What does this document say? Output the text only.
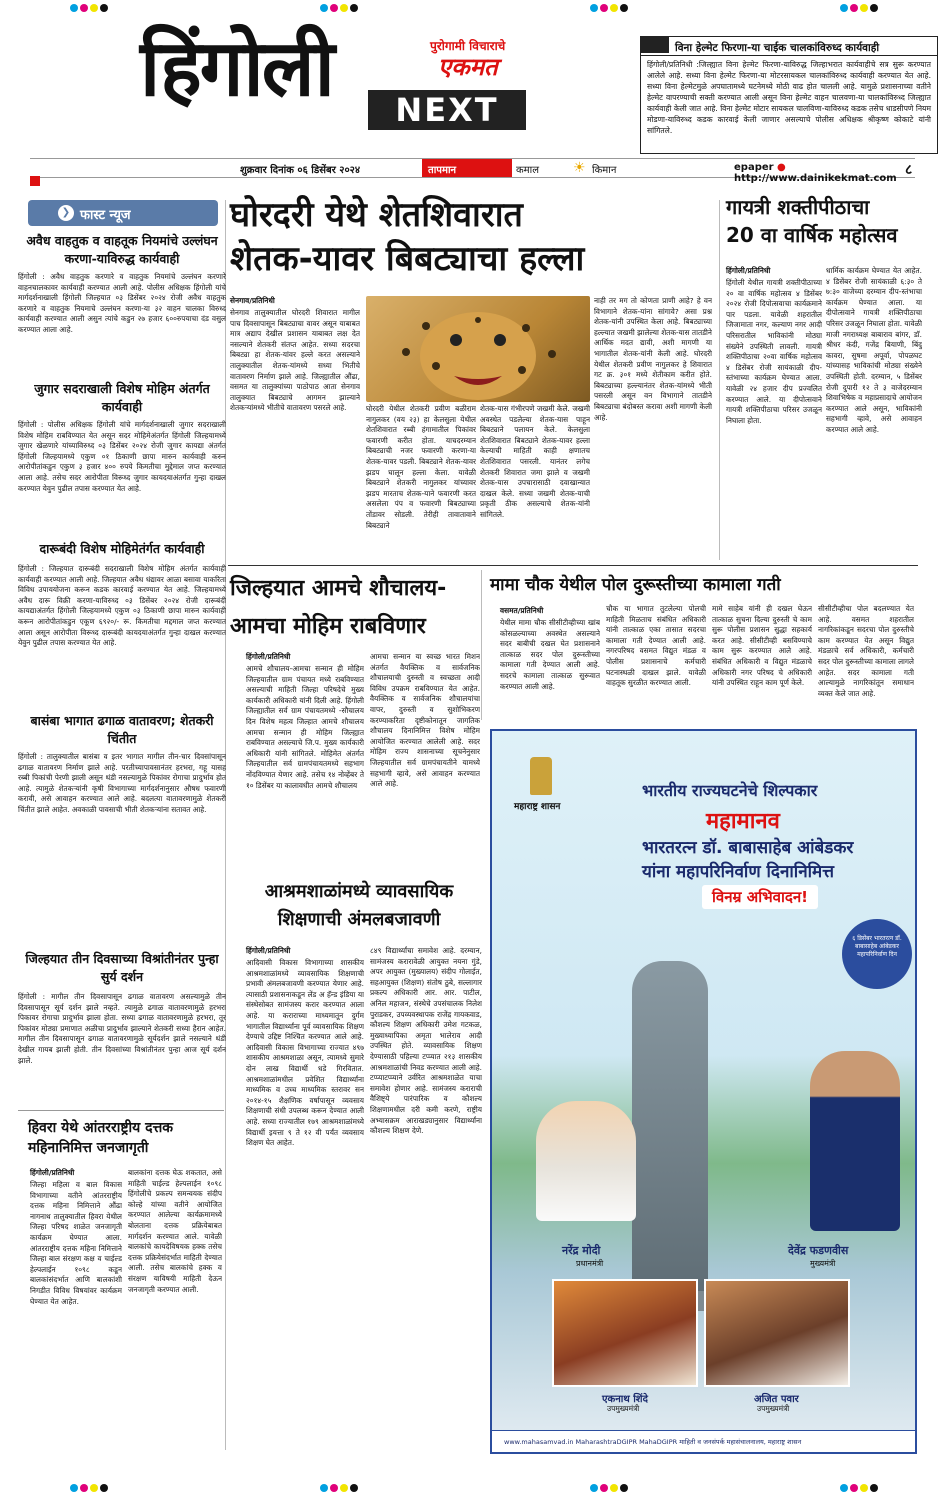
हिंगोली	पुरोगामी विचाराचे
एकमत
NEXT
विना हेल्मेट फिरणा-या चाईक चालकांविरुध्द कार्यवाही

हिंगोली/प्रतिनिधी :जिल्ह्यात विना हेल्मेट फिरणा-याविरुद्ध जिल्हाभरात कार्यवाहीचे सत्र सुरू करण्यात आलेले आहे. सध्या विना हेल्मेट फिरणा-या मोटरसायकल चालकांविरुध्द कार्यवाही करण्यात येत आहे. सध्या विना हेल्मेटमुळे अपघातामध्ये घटनेमध्ये मोठी वाढ होत चालली आहे. यामुळे प्रशासनाच्या वतीने हेल्मेट वापरण्याची सक्ती करण्यात आली असून विना हेल्मेट वाहन चालवणा-या चालकांविरुध्द जिल्ह्यात कार्यवाही केली जात आहे. विना हेल्मेट मोटार सायकल चालविणा-याविरुध्द कडक तसेच धाडसीपणे नियम मोडणा-याविरुध्द कडक कारवाई केली जाणार असल्याचे पोलीस अधिक्षक श्रीकृष्ण कोकाटे यांनी सांगितले.

शुक्रवार दिनांक ०६ डिसेंबर २०२४	तापमान	कमाल ☀ किमान	epaper ● http://www.dainikekmat.com
८
❯ फास्ट न्यूज
अवैध वाहतुक व वाहतूक नियमांचे उल्लंघन करणा-याविरुद्ध कार्यवाही
हिंगोली : अवैध वाहतुक करणारे व वाहतुक नियमांचे उल्लंघन करणारे वाहनचालकावर कार्यवाही करण्यात आली आहे. पोलीस अधिक्षक हिंगोली यांचे मार्गदर्शनाखाली हिंगोली जिल्हयात ०३ डिसेंबर २०२४ रोजी अवैध वाहतुक करणारे व वाहतुक नियमाचे उल्लंघन करणा-या ३२ वाहन चालका विरुध्द कार्यवाही करण्यात आली असुन त्यांचे कडुन २७ हजार ६००रुपयाचा दंड वसुल करण्यात आला आहे.
जुगार सदराखाली विशेष मोहिम अंतर्गत कार्यवाही
हिंगोली : पोलीस अधिक्षक हिंगोली यांचे मार्गदर्शनाखाली जुगार सदराखाली विशेष मोहिम राबविण्यात येत असून सदर मोहिमेअंतर्गत हिंगोली जिल्हयामध्ये जुगार खेळणारे यांच्याविरुध्द ०३ डिसेंबर २०२४ रोजी जुगार कायद्या अंतर्गत हिंगोली जिल्हयामध्ये एकुण ०१ ठिकाणी छापा मारुन कार्यवाही करुन आरोपीतांकडुन एकुण ३ हजार ४०० रुपये किमतीचा मुद्देमाल जप्त करण्यात आला आहे. तसेच सदर आरोपीता विरूध्द जुगार कायदयाअंतर्गत गुन्हा दाखल करण्यात येवुन पुढील तपास करण्यात येत आहे.
दारूबंदी विशेष मोहिमेतंर्गत कार्यवाही
हिंगोली : जिल्हयात दारूबंदी सदराखाली विशेष मोहिम अंतर्गत कार्यवाही कार्यवाही करण्यात आली आहे. जिल्हयात अवैध धंद्यावर आळा बसावा याकरिता विविध उपाययोजना करून कडक कारवाई करण्यात येत आहे. जिल्हयामध्ये अवैध दारू विक्री करणा-याविरुध्द ०३ डिसेंबर २०२४ रोजी दारूबंदी कायद्याअंतर्गत हिंगोली जिल्हयामध्ये एकुण ०३ ठिकाणी छापा मारुन कार्यवाही करून आरोपीतांकडुन एकूण ६९२०/- रू. किमतीचा मद्दमाल जप्त करण्यात आला असून आरोपीता विरूध्द दारूबंदी कायदयाअंतर्गत गुन्हा दाखल करण्यात येवुन पुढील तपास करण्यात येत आहे.
बासंबा भागात ढगाळ वातावरण; शेतकरी चिंतीत
हिंगोली : तालुक्यातील बासंबा व इतर भागात मागील तीन-चार दिवसांपासून ढगाळ वातावरण निर्माण झाले आहे. परतीच्यापावसानंतर हरभरा, गहू यासह रब्बी पिकांची पेरणी झाली असून थंडी नसल्यामुळे पिकांवर रोगाचा प्रादुर्भाव होत आहे. त्यामुळे शेतकऱ्यांनी कृषी विभागाच्या मार्गदर्शनानुसार औषध फवारणी करावी, असे आवाहन करण्यात आले आहे. बदलत्या वातावरणामुळे शेतकरी चिंतीत झाले आहेत. अवकाळी पावसाची भीती शेतकऱ्यांना सतावत आहे.
जिल्हयात तीन दिवसाच्या विश्रांतीनंतर पुन्हा सुर्य दर्शन
हिंगोली : मागील तीन दिवसापासून ढगाळ वातावरण असल्यामुळे तीन दिवसापासून सूर्य दर्शन झाले नव्हते. त्यामुळे ढगाळ वातावरणामुळे हरभरा पिकावर रोगाचा प्रादुर्भाव झाला होता. सध्या ढगाळ वातावरणामुळे हरभरा, तूर पिकांवर मोठ्या प्रमाणात अळीचा प्रादुर्भाव झाल्याने शेतकरी सध्या हैरान आहेत. मागील तीन दिवसापासून ढगाळ वातावरणामुळे सूर्यदर्शन झाले नसल्याने थंडी देखील गायब झाली होती. तीन दिवसांच्या विश्रांतीनंतर पुन्हा आज सूर्य दर्शन झाले.
घोरदरी येथे शेतशिवारात
शेतक-यावर बिबट्याचा हल्ला
सेनगाव/प्रतिनिधी
सेनगाव तालुक्यातील घोरदरी शिवारात मागील पाच दिवसापासून बिबट्याचा वावर असून याबाबत मात्र अद्याप देखील प्रशासन याबाबत लक्ष देत नसल्याने शेतकरी संतप्त आहेत. सध्या सदरचा बिबट्या हा शेतक-यांवर हल्ले करत असल्याने तालुक्यातील शेतक-यांमध्ये सध्या भितीचे वातावरण निर्माण झाले आहे. जिल्ह्यातील औंढा, वसमत या तालुक्यांच्या पाठोपाठ आता सेनगाव तालुक्यात बिबट्याचे आगमन झाल्याने शेतकऱ्यांमध्ये भीतीचे वातावरण पसरले आहे.	घोरदरी येथील शेतकरी प्रवीण बळीराम नागुलकर (वय २३) हा केलसुला येथील शेतशिवारात रब्बी हंगामातील पिकांवर फवारणी करीत होता. याचदरम्यान बिबट्याची नजर फवारणी करणा-या शेतक-यावर पडली. बिबट्याने शेतक-यावर झडप घालून हल्ला केला. यावेळी बिबट्याने शेतकरी नागुलकर यांच्यावर झडप मारताच शेतक-याने फवारणी करत असलेला पंप व फवारणी बिबट्याच्या तोंडावर सोडली. तेरीही तावातावाने बिबट्याने
शेतक-यास गंभीरपणे जखमी केले. जखमी अवस्थेत पडलेल्या शेतक-यास पाहून बिबट्याने पलायन केले. केलसुला शेतशिवारात बिबट्याने शेतक-यावर हल्ला केल्याची माहिती काही क्षणातच शेतशिवारात पसरली. यानंतर लगेच शेतकरी शिवारात जमा झाले व जखमी शेतक-यास उपचारासाठी दवाखान्यात दाखल केले. सध्या जखमी शेतक-याची प्रकृती ठीक असल्याचे शेतक-यांनी सांगितले.
नाही तर मग तो कोणता प्राणी आहे? हे वन विभागाने शेतक-यांना सांगावे? असा प्रश्न शेतक-यांनी उपस्थित केला आहे. बिबट्याच्या हल्ल्यात जखमी झालेल्या शेतक-यास तातडीने आर्थिक मदत द्यावी, अशी मागणी या भागातील शेतक-यांनी केली आहे. घोरदरी येथील शेतकरी प्रवीण नागुलकर हे शिवारात गट क्र. ३०१ मध्ये शेतीकाम करीत होते. बिबट्याच्या हल्ल्यानंतर शेतक-यांमध्ये भीती पसरली असून वन विभागाने तातडीने बिबट्याचा बंदोबस्त करावा अशी मागणी केली आहे.
गायत्री शक्तीपीठाचा
20 वा वार्षिक महोत्सव
हिंगोली/प्रतिनिधी
हिंगोली येथील गायत्री शक्तीपीठाच्या २० वा वार्षिक महोत्सव ४ डिसेंबर २०२४ रोजी दिपोत्सवाचा कार्यक्रमाने पार पडला. यावेळी शहरातील जिजामाता नगर, कल्याण नगर आदी परिसरातील भाविकांनी मोठ्या संख्येने उपस्थिती लावली. गायत्री शक्तिपीठाचा २०वा वार्षिक महोत्सव ४ डिसेंबर रोजी सायंकाळी दीप-स्तंभाच्या कार्यक्रम घेण्यात आला. यावेळी २४ हजार दीप प्रज्वलित करण्यात आले. या दीपोत्सवाने गायत्री शक्तिपीठाचा परिसर उजळून निघाला होता.
धार्मिक कार्यक्रम घेण्यात येत आहेत. ४ डिसेंबर रोजी सायंकाळी ६:३० ते ७:३० वाजेच्या दरम्यान दीप-स्तंभाचा कार्यक्रम घेण्यात आला. या दीपोत्सवाने गायत्री शक्तिपीठाचा परिसर उजळून निघाला होता. यावेळी माजी नगराध्यक्ष बाबाराव बांगर, डॉ. श्रीधर कंदी, गजेंद्र बियाणी, बिंदु कावरा, सुषमा अपूर्वा, पोपळघट यांच्यासह भाविकांची मोठ्या संख्येने उपस्थिती होती. दरम्यान, ५ डिसेंबर रोजी दुपारी १२ ते ३ वाजेदरम्यान शिवाभिषेक व महाप्रसादाचे आयोजन करण्यात आले असून, भाविकांनी सहभागी व्हावे, असे आवाहन करण्यात आले आहे.
जिल्हयात आमचे शौचालय-
आमचा मोहिम राबविणार
हिंगोली/प्रतिनिधी
आमचे शौचालय-आमचा सन्मान ही मोहिम जिल्हयातील ग्राम पंचायत मध्ये राबविण्यात असल्याची माहिती जिल्हा परिषदेचे मुख्य कार्यकारी अधिकारी यांनी दिली आहे. हिंगोली जिल्ह्यातील सर्व ग्राम पंचायतमध्ये -सौचालय दिन विशेष महत्व जिल्हात आमचे शौचालय आमचा सन्मान ही मोहिम जिल्ह्यात राबविण्यात असल्याचे जि.प. मुख्य कार्यकारी अधिकारी यांनी सांगितले. मोहिमेत अंतर्गत जिल्हयातील सर्व ग्रामपंचायतमध्ये सहभाग नोंदविण्यात येणार आहे. तसेच १४ नोव्हेंबर ते १० डिसेंबर या कालावधीत आमचे शौचालय
आमचा सन्मान या स्वच्छ भारत मिशन अंतर्गत वैयक्तिक व सार्वजनिक शौचालयाची दुरुस्ती व स्वच्छता आदी विविध उपक्रम राबविण्यात येत आहेत. वैयक्तिक व सार्वजनिक शौचालयांचा वापर, दुरुस्ती व सुशोभिकरण करण्याकरिता दृष्टीकोनातून जागतिक शौचालय दिनानिमित्त विशेष मोहिम आयोजित करण्यात आलेली आहे. सदर मोहिम राज्य शासनाच्या सूचनेनुसार जिल्हयातील सर्व ग्रामपंचायतीने यामध्ये सहभागी व्हावे, असे आवाहन करण्यात आले आहे.
मामा चौक येथील पोल दुरूस्तीच्या कामाला गती
वसमत/प्रतिनिधी
येथील मामा चौक सीसीटीव्हीच्या खांब कोसळल्याच्या अवस्थेत असल्याने सदर बाबीची दखल घेत प्रशासनाने तात्काळ सदर पोल दुरूस्तीच्या कामाला गती देण्यात आली आहे. सदरचे कामाला तात्काळ सुरूवात करण्यात आली आहे.
चौक या भागात तुटलेल्या पोलची माहिती मिळताच संबंधित अधिकारी यांनी तात्काळ एका तासात सदरचा कामाला गती देण्यात आली आहे. नगरपरिषद वसमत विद्युत मंडळ व पोलीस प्रशासनाचे कर्मचारी घटनास्थळी दाखल झाले. यावेळी वाहतूक सुरळीत करण्यात आली.
मामे साहेब यांनी ही दखल घेऊन तात्काळ सुचना दिल्या दुरुस्ती चे काम सुरू पोलीस प्रशासन सुद्धा सहकार्य करत आहे. सीसीटीव्ही बसविण्याचे काम सुरू करण्यात आले आहे. संबंधित अधिकारी व विद्युत मंडळाचे अधिकारी नगर परिषद चे अधिकारी यांनी उपस्थित राहून काम पूर्ण केले.
सीसीटीव्हीचा पोल बदलण्यात येत आहे. वसमत शहरातील नागरिकांकडून सदरचा पोल दुरुस्तीचे काम करण्यात येत असून विद्युत मंडळाचे सर्व अधिकारी, कर्मचारी सदर पोल दुरूस्तीच्या कामाला लागले आहेत. सदर कामाला गती आल्यामुळे नागरिकांतून समाधान व्यक्त केले जात आहे.
आश्रमशाळांमध्ये व्यावसायिक
शिक्षणाची अंमलबजावणी
हिंगोली/प्रतिनिधी
आदिवासी विकास विभागाच्या शासकीय आश्रमशाळांमध्ये व्यावसायिक शिक्षणाची प्रभावी अंमलबजावणी करण्यात येणार आहे. त्यासाठी प्रशासनाकडून लेंड अ हॅन्ड इंडिया या संस्थेसोबत सामंजस्य करार करण्यात आला आहे. या कराराच्या माध्यमातून दुर्गम भागातील विद्यार्थ्यांना पूर्व व्यावसायिक शिक्षण देण्याचे उद्दिष्ट निश्चित करण्यात आले आहे. आदिवासी विकास विभागाच्या राज्यात ४९७ शासकीय आश्रमशाळा असून, त्यामध्ये सुमारे दोन लाख विद्यार्थी धडे गिरवितात. आश्रमशाळांमधील प्रवेशित विद्यार्थ्यांना माध्यमिक व उच्च माध्यमिक स्तरावर सन २०१४-१५ शैक्षणिक वर्षापासून व्यवसाय शिक्षणाची संधी उपलब्ध करून देण्यात आली आहे. सध्या राज्यातील १७९ आश्रमशाळांमध्ये विद्यार्थी इयत्ता ९ ते १२ वी पर्यंत व्यवसाय शिक्षण घेत आहेत.
८४९ विद्यार्थ्यांचा समावेश आहे. दरम्यान, सामंजस्य करारावेळी आयुक्त नयना गुंडे, अपर आयुक्त (मुख्यालय) संदीप गोलाईत, सहआयुक्त (शिक्षण) संतोष ठुबे, सल्लागार प्रकल्प अधिकारी आर. आर. पाटील, अनिल महाजन, संस्थेचे उपसंचालक निलेश पुराडकर, उपव्यवस्थापक राजेंद्र गायकवाड, कौशल्य शिक्षण अधिकारी उमेश गटकळ, मुख्याध्यापिका अमृता भालेराव आदी उपस्थित होते. व्यावसायिक शिक्षण देण्यासाठी पहिल्या टप्प्यात २१३ शासकीय आश्रमशाळांची निवड करण्यात आली आहे. टप्प्याटप्प्याने उर्वरित आश्रमशाळेत याचा समावेश होणार आहे. सामंजस्य कराराची वैशिष्ट्ये पारंपारिक व कौशल्य शिक्षणामधील दरी कमी करणे, राष्ट्रीय अभ्यासक्रम आराखड्यानुसार विद्यार्थ्यांना कौशल्य शिक्षण देणे.
हिवरा येथे आंतरराष्ट्रीय दत्तक
महिनानिमित्त जनजागृती
हिंगोली/प्रतिनिधी
जिल्हा महिला व बाल विकास विभागाच्या वतीने आंतरराष्ट्रीय दत्तक महिना निमित्ताने औंढा नागनाथ तालुक्यातील हिवरा येथील जिल्हा परिषद शाळेत जनजागृती कार्यक्रम घेण्यात आला. आंतरराष्ट्रीय दत्तक महिना निमित्ताने जिल्हा बाल संरक्षण कक्ष व चाईल्ड हेल्पलाईन १०९८ कडून बालकांसंदर्भात आणि बालकांशी निगडीत विविध विषयांवर कार्यक्रम घेण्यात येत आहेत.
बालकांना दत्तक घेऊ शकतात, असे माहिती चाईल्ड हेल्पलाईन १०९८ हिंगोलीचे प्रकल्प समन्वयक संदीप कोल्हे यांच्या वतीने आयोजित करण्यात आलेल्या कार्यक्रमामध्ये बोलताना दत्तक प्रक्रियेबाबत मार्गदर्शन करण्यात आले. यावेळी बालकांचे कायदेविषयक हक्क तसेच दत्तक प्रक्रियेसंदर्भात माहिती देण्यात आली. तसेच बालकांचे हक्क व संरक्षण याविषयी माहिती देऊन जनजागृती करण्यात आली.
महाराष्ट्र शासन
भारतीय राज्यघटनेचे शिल्पकार
महामानव
भारतरत्न डॉ. बाबासाहेब आंबेडकर
यांना महापरिनिर्वाण दिनानिमित्त
विनम्र अभिवादन!
६ डिसेंबर भारतरत्न डॉ. बाबासाहेब आंबेडकर महापरिनिर्वाण दिन
नरेंद्र मोदी
प्रधानमंत्री
देवेंद्र फडणवीस
मुख्यमंत्री
एकनाथ शिंदे
उपमुख्यमंत्री
अजित पवार
उपमुख्यमंत्री
www.mahasamvad.in MaharashtraDGIPR MahaDGIPR माहिती व जनसंपर्क महासंचालनालय, महाराष्ट्र शासन
